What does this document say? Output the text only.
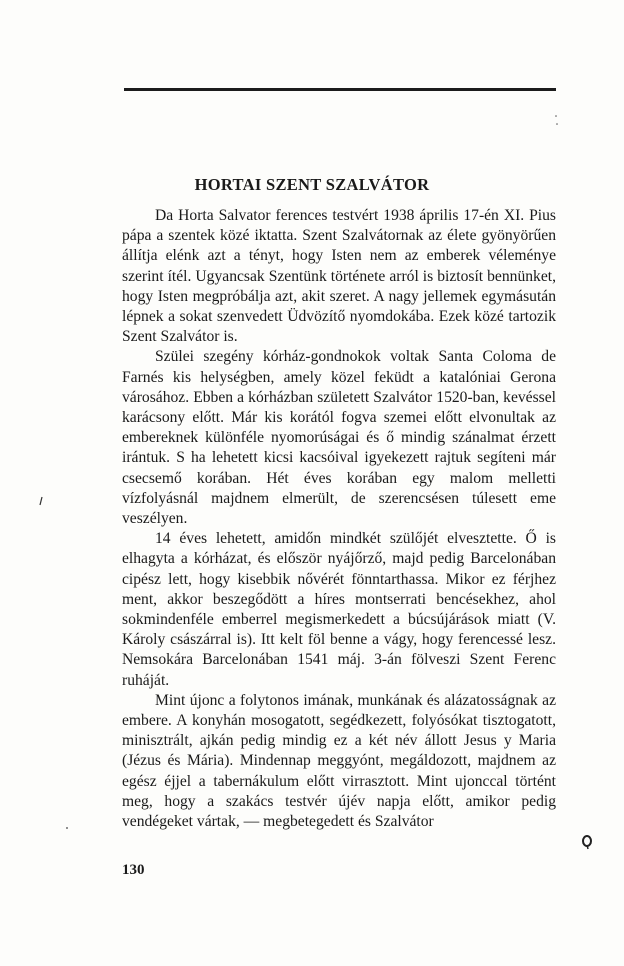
HORTAI SZENT SZALVÁTOR

Da Horta Salvator ferences testvért 1938 április 17-én XI. Pius pápa a szentek közé iktatta. Szent Szalvátornak az élete gyönyörűen állítja elénk azt a tényt, hogy Isten nem az emberek véleménye szerint ítél. Ugyancsak Szentünk története arról is biztosít bennünket, hogy Isten megpróbálja azt, akit szeret. A nagy jellemek egymásután lépnek a sokat szenvedett Üdvözítő nyomdokába. Ezek közé tartozik Szent Szalvátor is.

Szülei szegény kórház-gondnokok voltak Santa Coloma de Farnés kis helységben, amely közel feküdt a katalóniai Gerona városához. Ebben a kórházban született Szalvátor 1520-ban, kevéssel karácsony előtt. Már kis korától fogva szemei előtt elvonultak az embereknek különféle nyomorúságai és ő mindig szánalmat érzett irántuk. S ha lehetett kicsi kacsóival igyekezett rajtuk segíteni már csecsemő korában. Hét éves korában egy malom melletti vízfolyásnál majdnem elmerült, de szerencsésen túlesett eme veszélyen.

14 éves lehetett, amidőn mindkét szülőjét elvesztette. Ő is elhagyta a kórházat, és először nyájőrző, majd pedig Barcelonában cipész lett, hogy kisebbik nővérét fönntarthassa. Mikor ez férjhez ment, akkor beszegődött a híres montserrati bencésekhez, ahol sokmindenféle emberrel megismerkedett a búcsújárások miatt (V. Károly császárral is). Itt kelt föl benne a vágy, hogy ferencessé lesz. Nemsokára Barcelonában 1541 máj. 3-án fölveszi Szent Ferenc ruháját.

Mint újonc a folytonos imának, munkának és alázatosságnak az embere. A konyhán mosogatott, segédkezett, folyósókat tisztogatott, minisztrált, ajkán pedig mindig ez a két név állott Jesus y Maria (Jézus és Mária). Mindennap meggyónt, megáldozott, majdnem az egész éjjel a tabernákulum előtt virrasztott. Mint ujonccal történt meg, hogy a szakács testvér újév napja előtt, amikor pedig vendégeket vártak, — megbetegedett és Szalvátor

130
